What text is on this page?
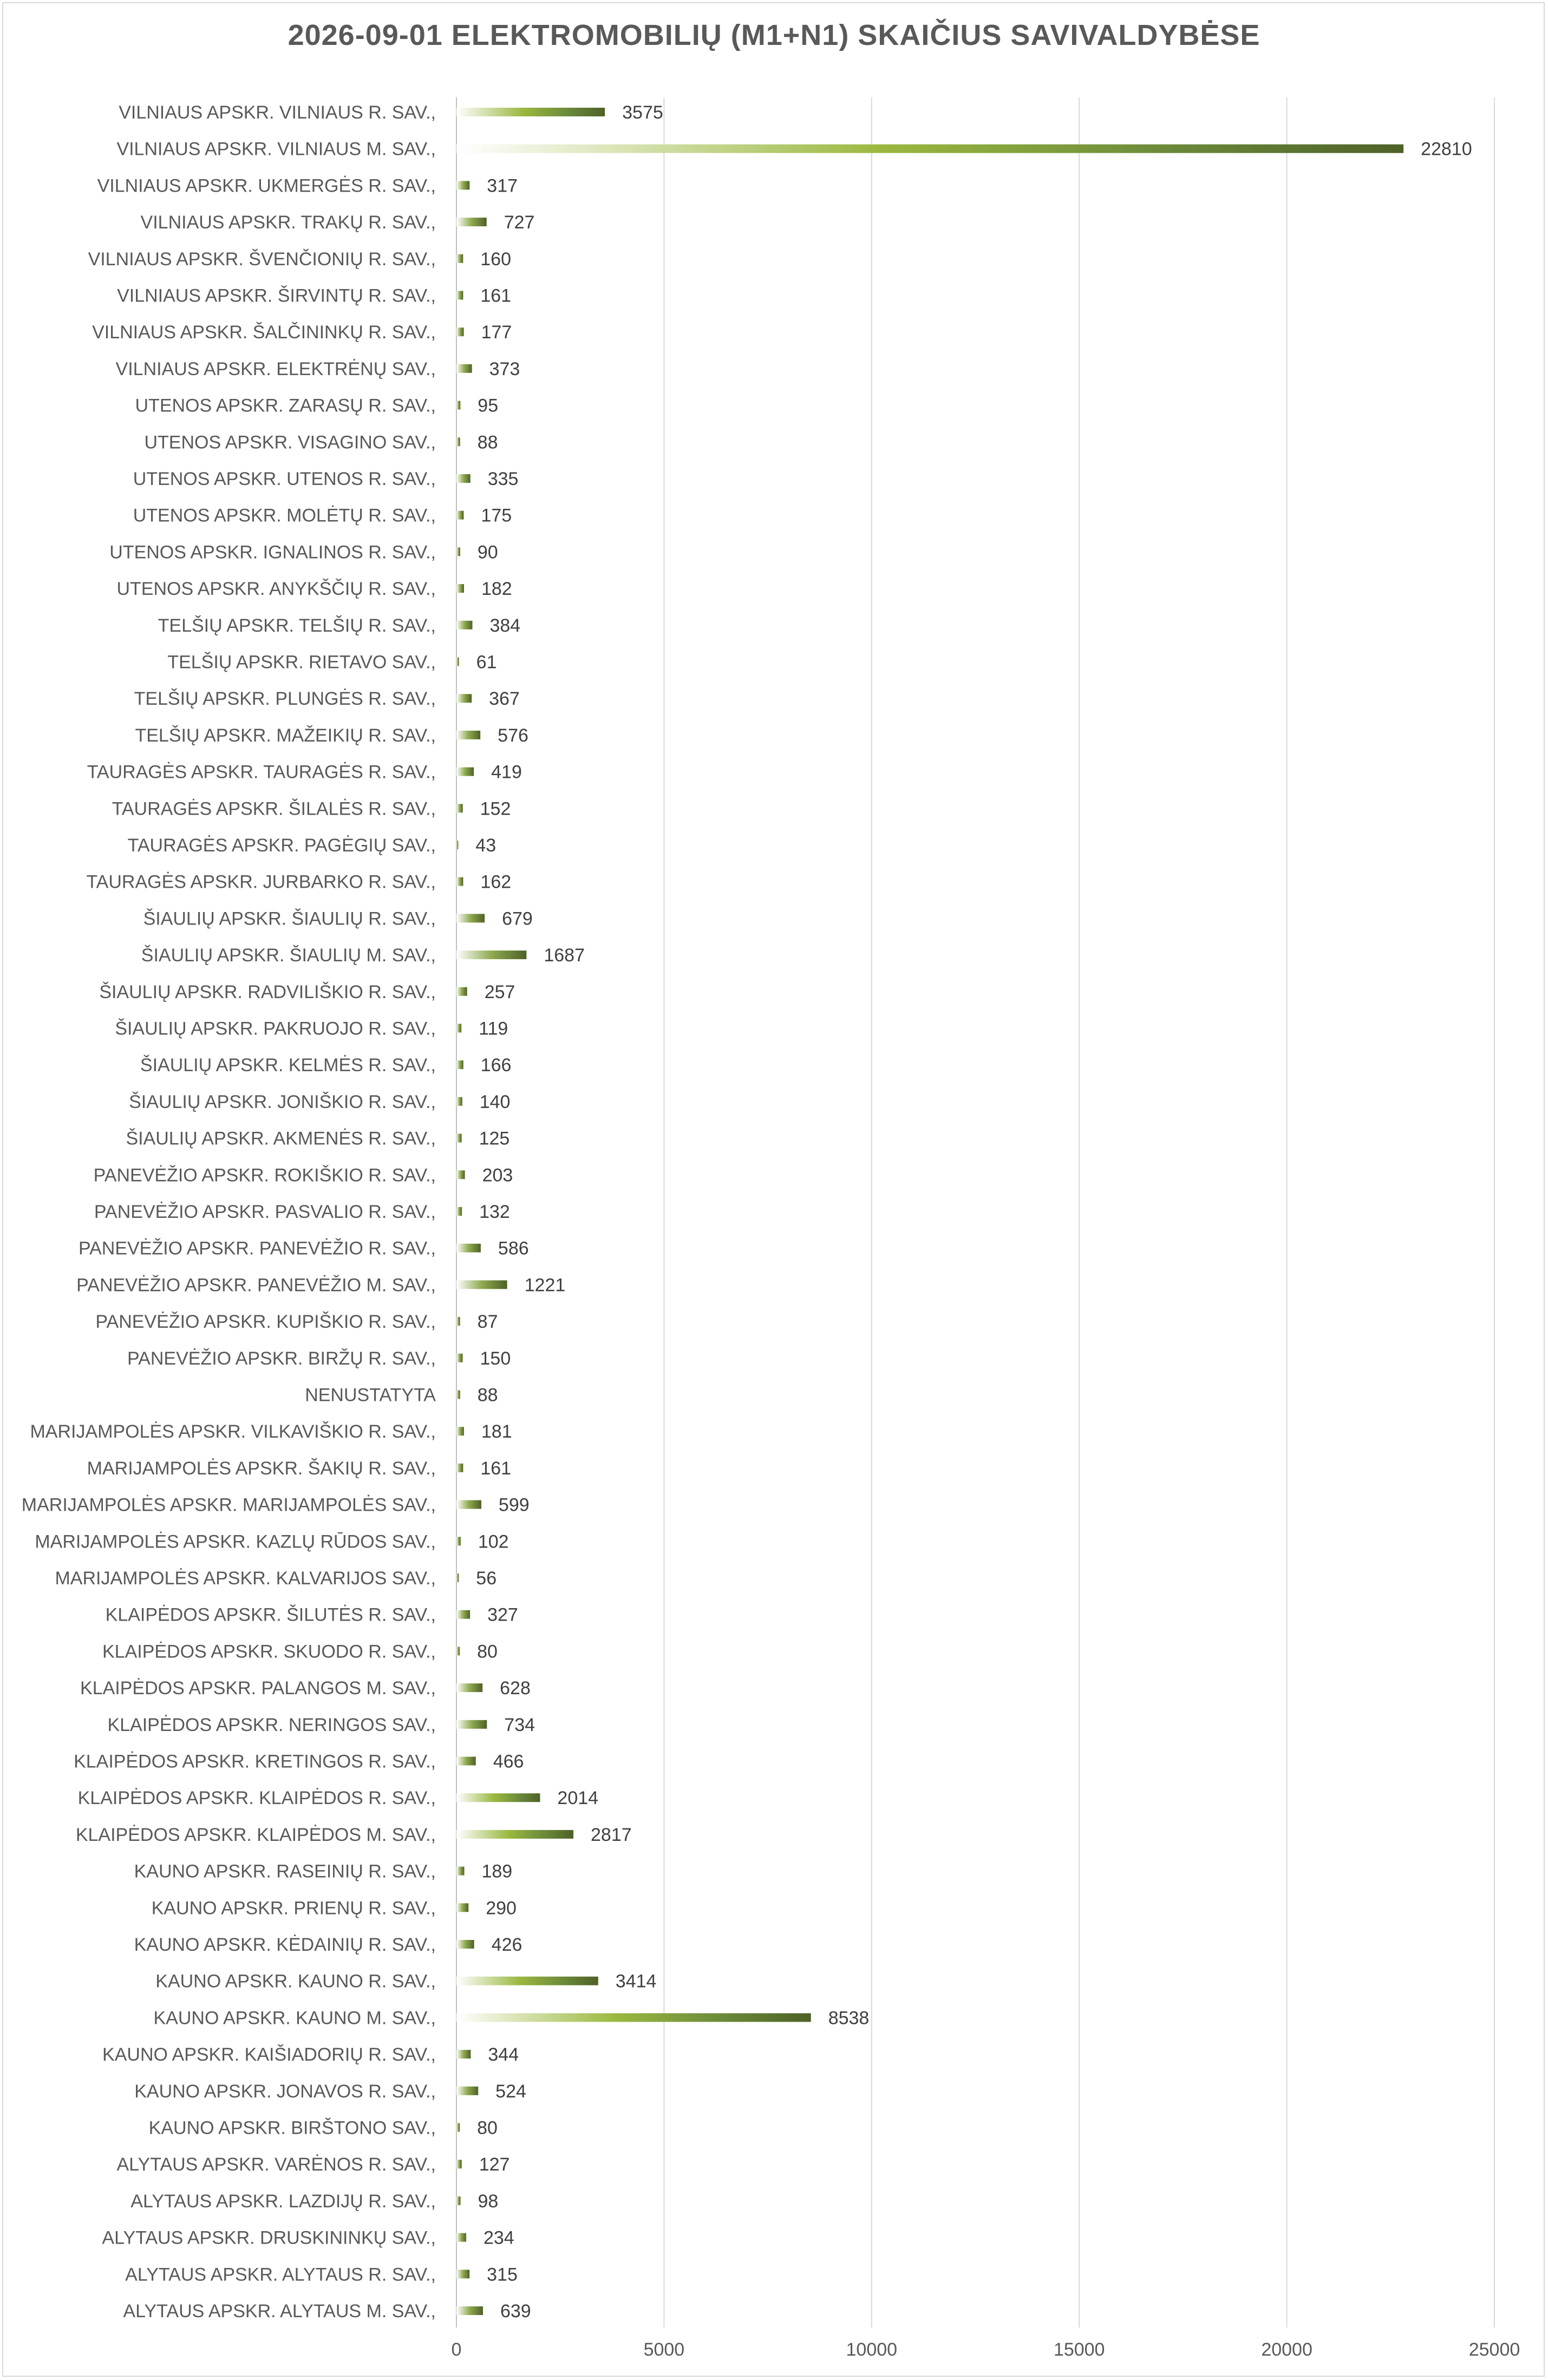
2026-09-01 ELEKTROMOBILIŲ (M1+N1) SKAIČIUS SAVIVALDYBĖSE
VILNIAUS APSKR. VILNIAUS R. SAV.,
VILNIAUS APSKR. VILNIAUS M. SAV.,
VILNIAUS APSKR. UKMERGĖS R. SAV.,
VILNIAUS APSKR. TRAKŲ R. SAV.,
VILNIAUS APSKR. ŠVENČIONIŲ R. SAV.,
VILNIAUS APSKR. ŠIRVINTŲ R. SAV.,
VILNIAUS APSKR. ŠALČININKŲ R. SAV.,
VILNIAUS APSKR. ELEKTRĖNŲ SAV.,
UTENOS APSKR. ZARASŲ R. SAV.,
UTENOS APSKR. VISAGINO SAV.,
UTENOS APSKR. UTENOS R. SAV.,
UTENOS APSKR. MOLĖTŲ R. SAV.,
UTENOS APSKR. IGNALINOS R. SAV.,
UTENOS APSKR. ANYKŠČIŲ R. SAV.,
TELŠIŲ APSKR. TELŠIŲ R. SAV.,
TELŠIŲ APSKR. RIETAVO SAV.,
TELŠIŲ APSKR. PLUNGĖS R. SAV.,
TELŠIŲ APSKR. MAŽEIKIŲ R. SAV.,
TAURAGĖS APSKR. TAURAGĖS R. SAV.,
TAURAGĖS APSKR. ŠILALĖS R. SAV.,
TAURAGĖS APSKR. PAGĖGIŲ SAV.,
TAURAGĖS APSKR. JURBARKO R. SAV.,
ŠIAULIŲ APSKR. ŠIAULIŲ R. SAV.,
ŠIAULIŲ APSKR. ŠIAULIŲ M. SAV.,
ŠIAULIŲ APSKR. RADVILIŠKIO R. SAV.,
ŠIAULIŲ APSKR. PAKRUOJO R. SAV.,
ŠIAULIŲ APSKR. KELMĖS R. SAV.,
ŠIAULIŲ APSKR. JONIŠKIO R. SAV.,
ŠIAULIŲ APSKR. AKMENĖS R. SAV.,
PANEVĖŽIO APSKR. ROKIŠKIO R. SAV.,
PANEVĖŽIO APSKR. PASVALIO R. SAV.,
PANEVĖŽIO APSKR. PANEVĖŽIO R. SAV.,
PANEVĖŽIO APSKR. PANEVĖŽIO M. SAV.,
PANEVĖŽIO APSKR. KUPIŠKIO R. SAV.,
PANEVĖŽIO APSKR. BIRŽŲ R. SAV.,
NENUSTATYTA
MARIJAMPOLĖS APSKR. VILKAVIŠKIO R. SAV.,
MARIJAMPOLĖS APSKR. ŠAKIŲ R. SAV.,
MARIJAMPOLĖS APSKR. MARIJAMPOLĖS SAV.,
MARIJAMPOLĖS APSKR. KAZLŲ RŪDOS SAV.,
MARIJAMPOLĖS APSKR. KALVARIJOS SAV.,
KLAIPĖDOS APSKR. ŠILUTĖS R. SAV.,
KLAIPĖDOS APSKR. SKUODO R. SAV.,
KLAIPĖDOS APSKR. PALANGOS M. SAV.,
KLAIPĖDOS APSKR. NERINGOS SAV.,
KLAIPĖDOS APSKR. KRETINGOS R. SAV.,
KLAIPĖDOS APSKR. KLAIPĖDOS R. SAV.,
KLAIPĖDOS APSKR. KLAIPĖDOS M. SAV.,
KAUNO APSKR. RASEINIŲ R. SAV.,
KAUNO APSKR. PRIENŲ R. SAV.,
KAUNO APSKR. KĖDAINIŲ R. SAV.,
KAUNO APSKR. KAUNO R. SAV.,
KAUNO APSKR. KAUNO M. SAV.,
KAUNO APSKR. KAIŠIADORIŲ R. SAV.,
KAUNO APSKR. JONAVOS R. SAV.,
KAUNO APSKR. BIRŠTONO SAV.,
ALYTAUS APSKR. VARĖNOS R. SAV.,
ALYTAUS APSKR. LAZDIJŲ R. SAV.,
ALYTAUS APSKR. DRUSKININKŲ SAV.,
ALYTAUS APSKR. ALYTAUS R. SAV.,
ALYTAUS APSKR. ALYTAUS M. SAV.,
3575
22810
317
727
160
161
177
373
95
88
335
175
90
182
384
61
367
576
419
152
43
162
679
1687
257
119
166
140
125
203
132
586
1221
87
150
88
181
161
599
102
56
327
80
628
734
466
2014
2817
189
290
426
3414
8538
344
524
80
127
98
234
315
639
0	5000	10000	15000	20000	25000
